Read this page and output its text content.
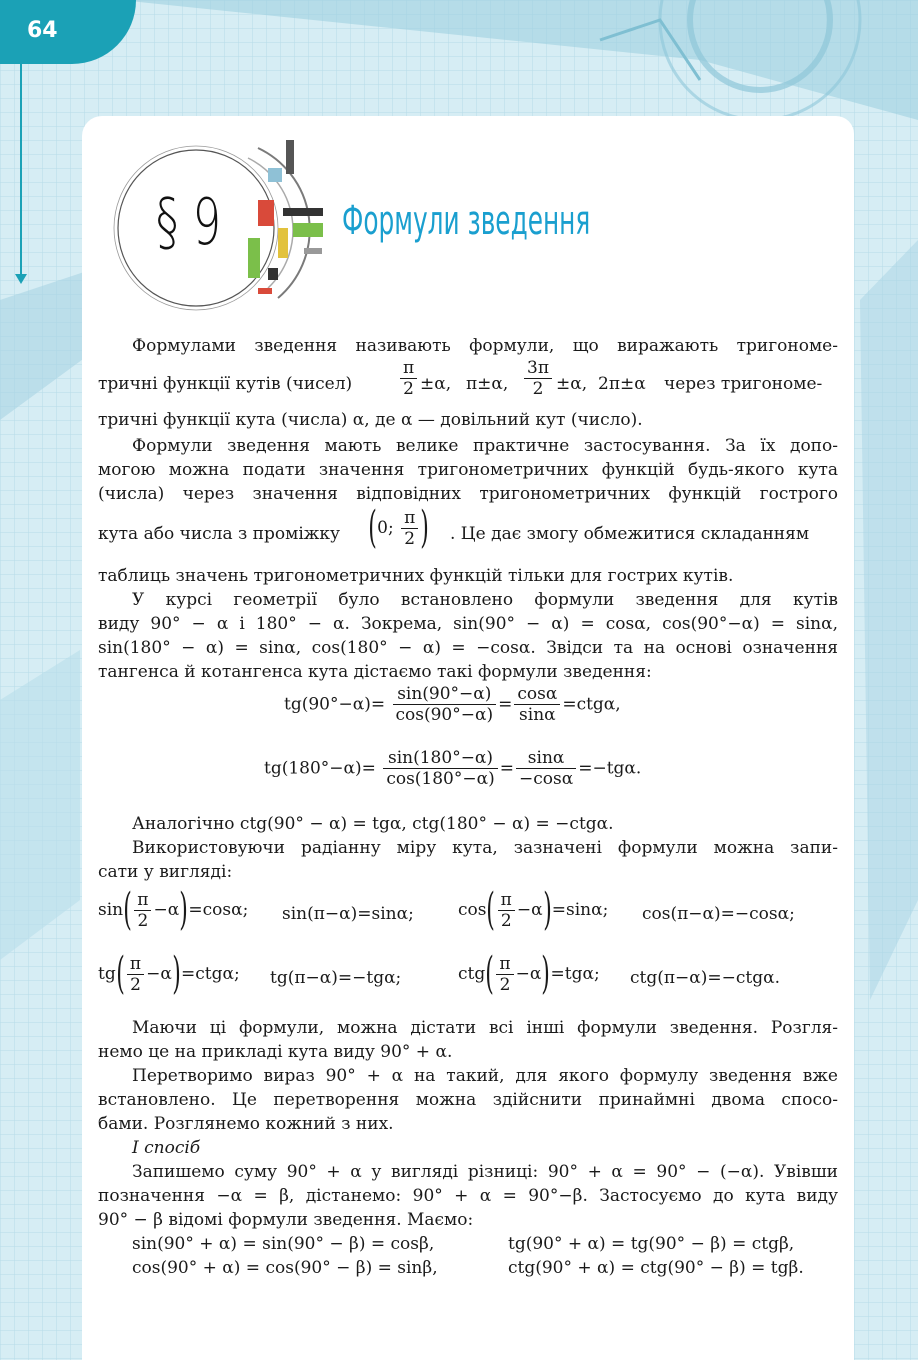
64
§ 9	Формули зведення
Формулами зведення називають формули, що виражають тригономе-
тричні функції кутів (чисел)	$\frac{\pi}{2} \pm\alpha$, π±α, $\frac{3\pi}{2} \pm\alpha$, 2π±α через тригономе-
тричні функції кута (числа) α, де α — довільний кут (число).
Формули зведення мають велике практичне застосування. За їх допо-
могою можна подати значення тригонометричних функцій будь-якого кута
(числа) через значення відповідних тригонометричних функцій гострого
кута або числа з проміжку (0; $\frac{\pi}{2}$ ) . Це дає змогу обмежитися складанням
таблиць значень тригонометричних функцій тільки для гострих кутів.
У курсі геометрії було встановлено формули зведення для кутів
виду 90° − α і 180° − α. Зокрема, sin(90° − α) = cosα, cos(90°−α) = sinα,
sin(180° − α) = sinα, cos(180° − α) = −cosα. Звідси та на основі означення
тангенса й котангенса кута дістаємо такі формули зведення:
$tg(90^\circ-\alpha)= \frac{\sin(90^\circ-\alpha)}{\cos(90^\circ-\alpha)} = \frac{\cos\alpha}{\sin\alpha} =ctg\alpha$,
$tg(180^\circ-\alpha)= \frac{\sin(180^\circ-\alpha)}{\cos(180^\circ-\alpha)} = \frac{\sin\alpha}{-\cos\alpha} =-tg\alpha$.
Аналогічно ctg(90° − α) = tgα, ctg(180° − α) = −ctgα.
Використовуючи радіанну міру кута, зазначені формули можна запи-
сати у вигляді:
$\sin( \frac{\pi}{2} -\alpha)=\cos\alpha$; sin(π−α)=sinα;	$\cos( \frac{\pi}{2} -\alpha)=\sin\alpha$; cos(π−α)=−cosα;
$tg( \frac{\pi}{2} -\alpha)=ctg\alpha$; tg(π−α)=−tgα;	$ctg( \frac{\pi}{2} -\alpha)=tg\alpha$; ctg(π−α)=−ctgα.
Маючи ці формули, можна дістати всі інші формули зведення. Розгля-
немо це на прикладі кута виду 90° + α.
Перетворимо вираз 90° + α на такий, для якого формулу зведення вже
встановлено. Це перетворення можна здійснити принаймні двома спосо-
бами. Розглянемо кожний з них.
І спосіб
Запишемо суму 90° + α у вигляді різниці: 90° + α = 90° − (−α). Увівши
позначення −α = β, дістанемо: 90° + α = 90°−β. Застосуємо до кута виду
90° − β відомі формули зведення. Маємо:
sin(90° + α) = sin(90° − β) = cosβ,	tg(90° + α) = tg(90° − β) = ctgβ,
cos(90° + α) = cos(90° − β) = sinβ,	ctg(90° + α) = ctg(90° − β) = tgβ.
